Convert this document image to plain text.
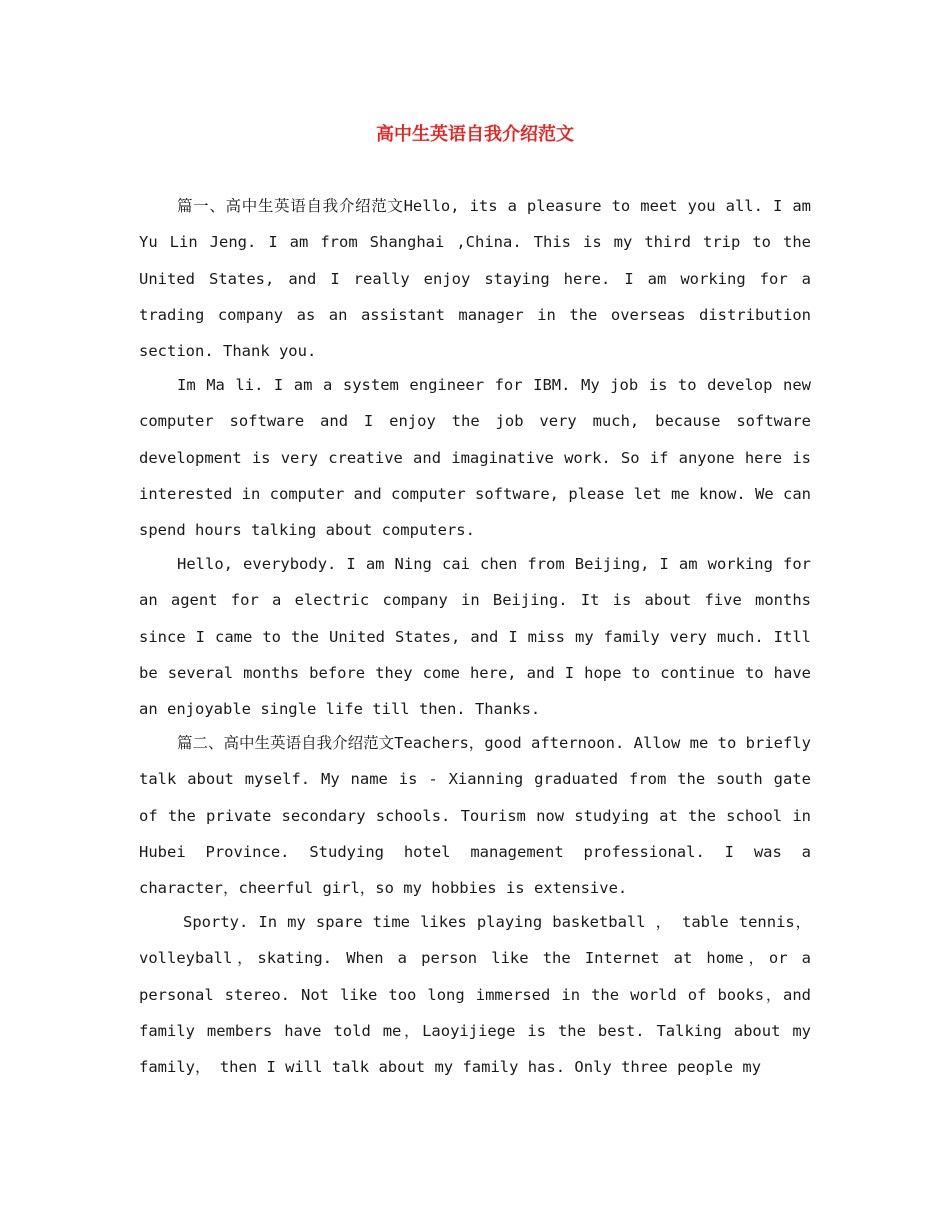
高中生英语自我介绍范文

篇一、高中生英语自我介绍范文Hello, its a pleasure to meet you all. I am Yu Lin Jeng. I am from Shanghai ,China. This is my third trip to the United States, and I really enjoy staying here. I am working for a trading company as an assistant manager in the overseas distribution section. Thank you.

Im Ma li. I am a system engineer for IBM. My job is to develop new computer software and I enjoy the job very much, because software development is very creative and imaginative work. So if anyone here is interested in computer and computer software, please let me know. We can spend hours talking about computers.

Hello, everybody. I am Ning cai chen from Beijing, I am working for an agent for a electric company in Beijing. It is about five months since I came to the United States, and I miss my family very much. Itll be several months before they come here, and I hope to continue to have an enjoyable single life till then. Thanks.

篇二、高中生英语自我介绍范文Teachers，good afternoon. Allow me to briefly talk about myself. My name is - Xianning graduated from the south gate of the private secondary schools. Tourism now studying at the school in Hubei Province. Studying hotel management professional. I was a character，cheerful girl，so my hobbies is extensive.

Sporty. In my spare time likes playing basketball ， table tennis，volleyball，skating. When a person like the Internet at home，or a personal stereo. Not like too long immersed in the world of books，and family members have told me，Laoyijiege is the best. Talking about my family， then I will talk about my family has. Only three people my
